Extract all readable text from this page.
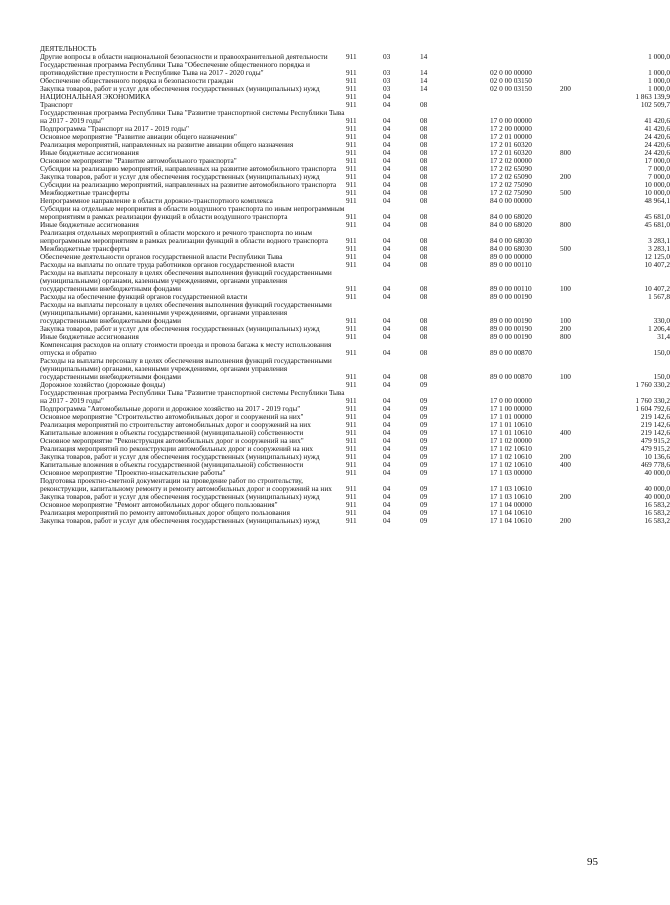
ДЕЯТЕЛЬНОСТЬ						
Другие вопросы в области национальной безопасности и правоохранительной деятельности	911	03	14			1 000,0
Государственная программа Республики Тыва "Обеспечение общественного порядка и противодействие преступности в Республике Тыва на 2017 - 2020 годы"	911	03	14	02 0 00 00000		1 000,0
Обеспечение общественного порядка и безопасности граждан	911	03	14	02 0 00 03150		1 000,0
Закупка товаров, работ и услуг для обеспечения государственных (муниципальных) нужд	911	03	14	02 0 00 03150	200	1 000,0
НАЦИОНАЛЬНАЯ ЭКОНОМИКА	911	04				1 863 139,9
Транспорт	911	04	08			102 509,7
Государственная программа Республики Тыва "Развитие транспортной системы Республики Тыва на 2017 - 2019 годы"	911	04	08	17 0 00 00000		41 420,6
Подпрограмма "Транспорт на 2017 - 2019 годы"	911	04	08	17 2 00 00000		41 420,6
Основное мероприятие "Развитие авиации общего назначения"	911	04	08	17 2 01 00000		24 420,6
Реализация мероприятий, направленных на развитие авиации общего назначения	911	04	08	17 2 01 60320		24 420,6
Иные бюджетные ассигнования	911	04	08	17 2 01 60320	800	24 420,6
Основное мероприятие "Развитие автомобильного транспорта"	911	04	08	17 2 02 00000		17 000,0
Субсидии на реализацию мероприятий, направленных на развитие автомобильного транспорта	911	04	08	17 2 02 65090		7 000,0
Закупка товаров, работ и услуг для обеспечения государственных (муниципальных) нужд	911	04	08	17 2 02 65090	200	7 000,0
Субсидии на реализацию мероприятий, направленных на развитие автомобильного транспорта	911	04	08	17 2 02 75090		10 000,0
Межбюджетные трансферты	911	04	08	17 2 02 75090	500	10 000,0
Непрограммное направление в области дорожно-транспортного комплекса	911	04	08	84 0 00 00000		48 964,1
Субсидии на отдельные мероприятия в области воздушного транспорта по иным непрограммным мероприятиям в рамках реализации функций в области воздушного транспорта	911	04	08	84 0 00 68020		45 681,0
Иные бюджетные ассигнования	911	04	08	84 0 00 68020	800	45 681,0
Реализация отдельных мероприятий в области морского и речного транспорта по иным непрограммным мероприятиям в рамках реализации функций в области водного транспорта	911	04	08	84 0 00 68030		3 283,1
Межбюджетные трансферты	911	04	08	84 0 00 68030	500	3 283,1
Обеспечение деятельности органов государственной власти Республики Тыва	911	04	08	89 0 00 00000		12 125,0
Расходы на выплаты по оплате труда работников органов государственной власти	911	04	08	89 0 00 00110		10 407,2
Расходы на выплаты персоналу в целях обеспечения выполнения функций государственными (муниципальными) органами, казенными учреждениями, органами управления государственными внебюджетными фондами	911	04	08	89 0 00 00110	100	10 407,2
Расходы на обеспечение функций органов государственной власти	911	04	08	89 0 00 00190		1 567,8
Расходы на выплаты персоналу в целях обеспечения выполнения функций государственными (муниципальными) органами, казенными учреждениями, органами управления государственными внебюджетными фондами	911	04	08	89 0 00 00190	100	330,0
Закупка товаров, работ и услуг для обеспечения государственных (муниципальных) нужд	911	04	08	89 0 00 00190	200	1 206,4
Иные бюджетные ассигнования	911	04	08	89 0 00 00190	800	31,4
Компенсация расходов на оплату стоимости проезда и провоза багажа к месту использования отпуска и обратно	911	04	08	89 0 00 00870		150,0
Расходы на выплаты персоналу в целях обеспечения выполнения функций государственными (муниципальными) органами, казенными учреждениями, органами управления государственными внебюджетными фондами	911	04	08	89 0 00 00870	100	150,0
Дорожное хозяйство (дорожные фонды)	911	04	09			1 760 330,2
Государственная программа Республики Тыва "Развитие транспортной системы Республики Тыва на 2017 - 2019 годы"	911	04	09	17 0 00 00000		1 760 330,2
Подпрограмма "Автомобильные дороги и дорожное хозяйство на 2017 - 2019 годы"	911	04	09	17 1 00 00000		1 604 792,6
Основное мероприятие "Строительство автомобильных дорог и сооружений на них"	911	04	09	17 1 01 00000		219 142,6
Реализация мероприятий по строительству автомобильных дорог и сооружений на них	911	04	09	17 1 01 10610		219 142,6
Капитальные вложения в объекты государственной (муниципальной) собственности	911	04	09	17 1 01 10610	400	219 142,6
Основное мероприятие "Реконструкция автомобильных дорог и сооружений на них"	911	04	09	17 1 02 00000		479 915,2
Реализация мероприятий по реконструкции автомобильных дорог и сооружений на них	911	04	09	17 1 02 10610		479 915,2
Закупка товаров, работ и услуг для обеспечения государственных (муниципальных) нужд	911	04	09	17 1 02 10610	200	10 136,6
Капитальные вложения в объекты государственной (муниципальной) собственности	911	04	09	17 1 02 10610	400	469 778,6
Основное мероприятие "Проектно-изыскательские работы"	911	04	09	17 1 03 00000		40 000,0
Подготовка проектно-сметной документации на проведение работ по строительству, реконструкции, капитальному ремонту и ремонту автомобильных дорог и сооружений на них	911	04	09	17 1 03 10610		40 000,0
Закупка товаров, работ и услуг для обеспечения государственных (муниципальных) нужд	911	04	09	17 1 03 10610	200	40 000,0
Основное мероприятие "Ремонт автомобильных дорог общего пользования"	911	04	09	17 1 04 00000		16 583,2
Реализация мероприятий по ремонту автомобильных дорог общего пользования	911	04	09	17 1 04 10610		16 583,2
Закупка товаров, работ и услуг для обеспечения государственных (муниципальных) нужд	911	04	09	17 1 04 10610	200	16 583,2
95
